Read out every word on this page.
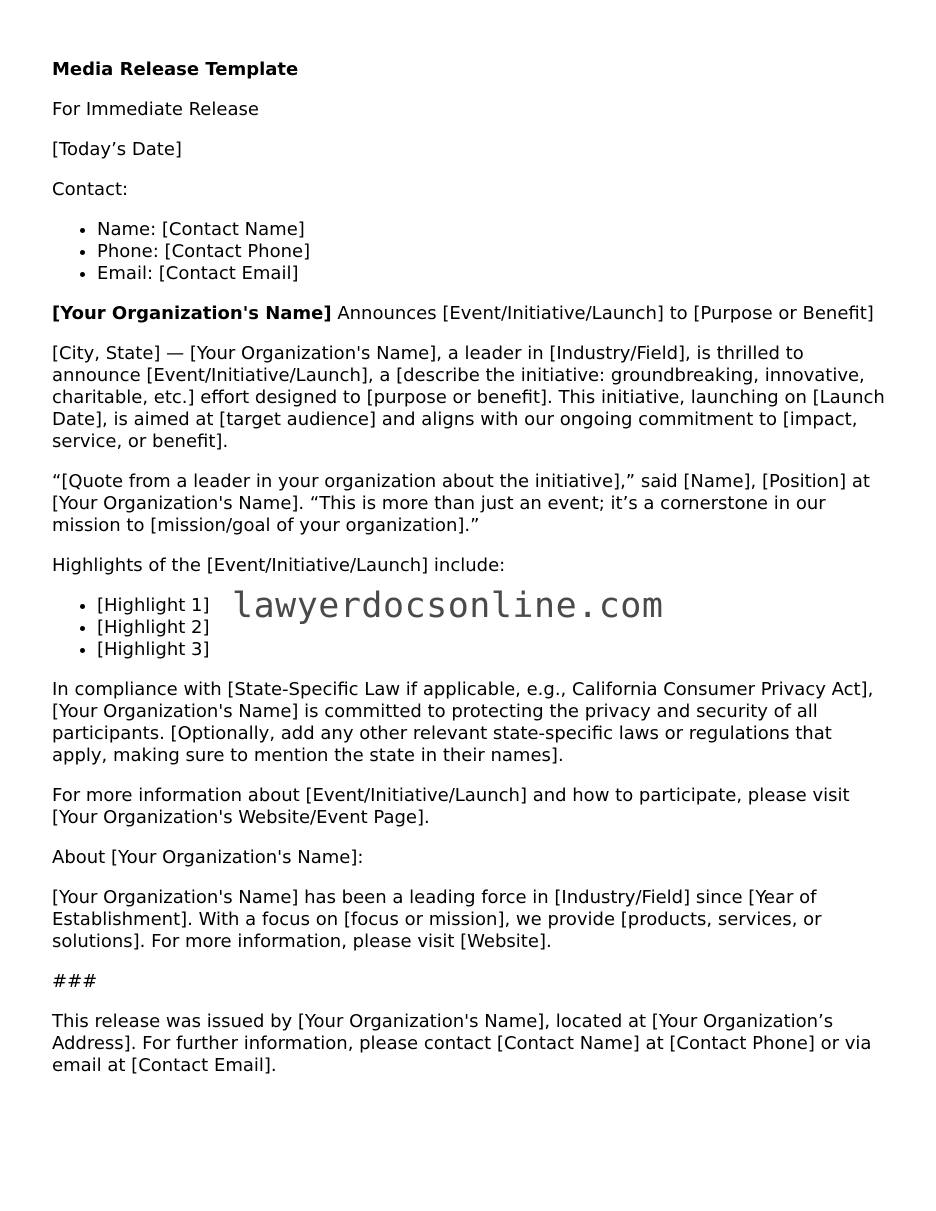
Media Release Template

For Immediate Release

[Today’s Date]

Contact:

• Name: [Contact Name]
• Phone: [Contact Phone]
• Email: [Contact Email]

[Your Organization's Name] Announces [Event/Initiative/Launch] to [Purpose or Benefit]

[City, State] — [Your Organization's Name], a leader in [Industry/Field], is thrilled to announce [Event/Initiative/Launch], a [describe the initiative: groundbreaking, innovative, charitable, etc.] effort designed to [purpose or benefit]. This initiative, launching on [Launch Date], is aimed at [target audience] and aligns with our ongoing commitment to [impact, service, or benefit].

“[Quote from a leader in your organization about the initiative],” said [Name], [Position] at [Your Organization's Name]. “This is more than just an event; it’s a cornerstone in our mission to [mission/goal of your organization].”

Highlights of the [Event/Initiative/Launch] include:

• [Highlight 1]
• [Highlight 2]
• [Highlight 3]

In compliance with [State-Specific Law if applicable, e.g., California Consumer Privacy Act], [Your Organization's Name] is committed to protecting the privacy and security of all participants. [Optionally, add any other relevant state-specific laws or regulations that apply, making sure to mention the state in their names].

For more information about [Event/Initiative/Launch] and how to participate, please visit [Your Organization's Website/Event Page].

About [Your Organization's Name]:

[Your Organization's Name] has been a leading force in [Industry/Field] since [Year of Establishment]. With a focus on [focus or mission], we provide [products, services, or solutions]. For more information, please visit [Website].

###

This release was issued by [Your Organization's Name], located at [Your Organization’s Address]. For further information, please contact [Contact Name] at [Contact Phone] or via email at [Contact Email].

lawyerdocsonline.com
